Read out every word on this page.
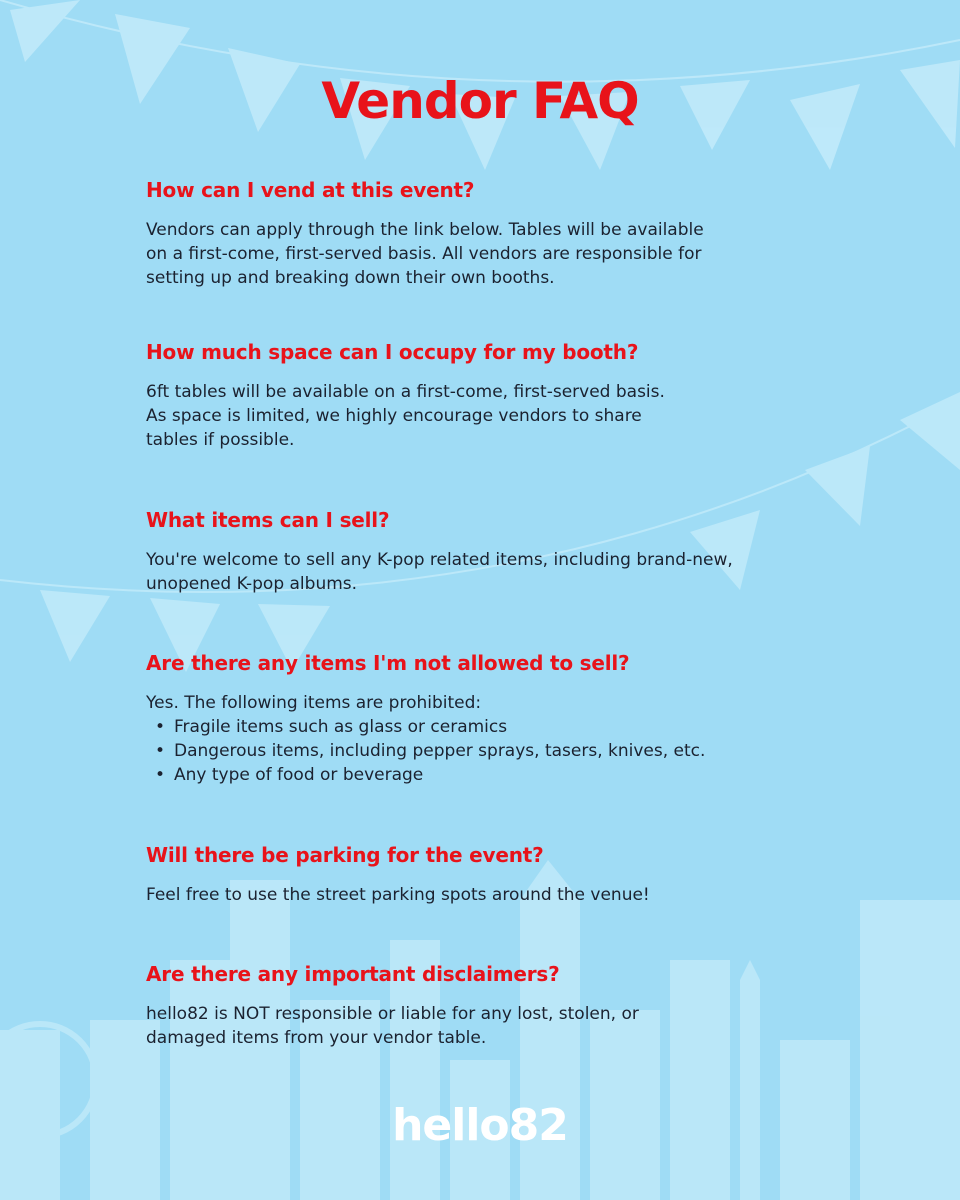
Vendor FAQ
How can I vend at this event?

Vendors can apply through the link below. Tables will be available
on a first-come, first-served basis. All vendors are responsible for
setting up and breaking down their own booths.

How much space can I occupy for my booth?

6ft tables will be available on a first-come, first-served basis.
As space is limited, we highly encourage vendors to share
tables if possible.

What items can I sell?

You're welcome to sell any K-pop related items, including brand-new,
unopened K-pop albums.

Are there any items I'm not allowed to sell?
Yes. The following items are prohibited:
• Fragile items such as glass or ceramics
• Dangerous items, including pepper sprays, tasers, knives, etc.
• Any type of food or beverage
Will there be parking for the event?

Feel free to use the street parking spots around the venue!

Are there any important disclaimers?

hello82 is NOT responsible or liable for any lost, stolen, or
damaged items from your vendor table.

hello82
